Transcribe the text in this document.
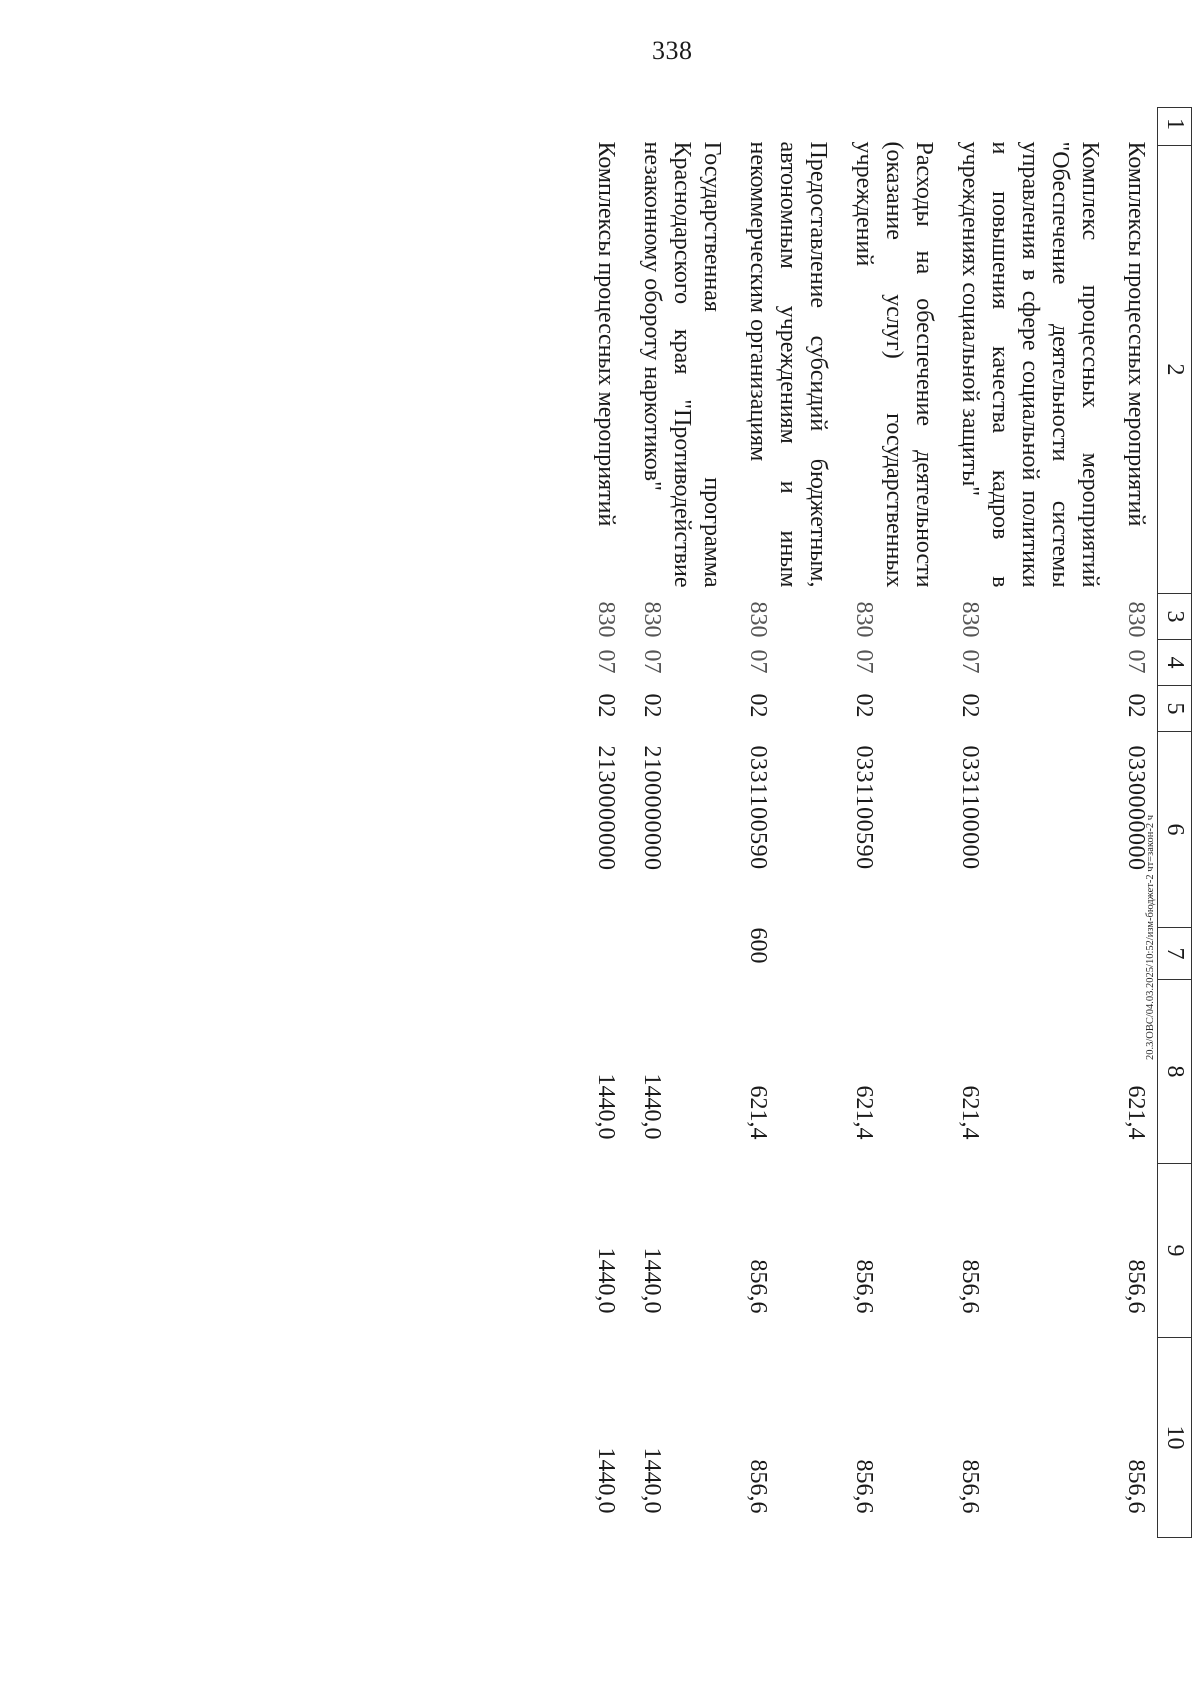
338
20.3/OBC/04.03.2025/10:52/изм-бюджет-2 чт=закон-2 ч
1	2	3	4	5	6	7	8	9	10
Комплексы процессных мероприятий		830	07	02	0330000000		621,4	856,6	856,6
Комплекс процессных мероприятий "Обеспечение деятельности системы управления в сфере социальной политики и повышения качества кадров в учреждениях социальной защиты"		830	07	02	0331100000		621,4	856,6	856,6
Расходы на обеспечение деятельности (оказание услуг) государственных учреждений		830	07	02	0331100590		621,4	856,6	856,6
Предоставление субсидий бюджетным, автономным учреждениям и иным некоммерческим организациям		830	07	02	0331100590	600	621,4	856,6	856,6
Государственная программа Краснодарского края "Противодействие незаконному обороту наркотиков"		830	07	02	2100000000		1440,0	1440,0	1440,0
Комплексы процессных мероприятий		830	07	02	2130000000		1440,0	1440,0	1440,0
